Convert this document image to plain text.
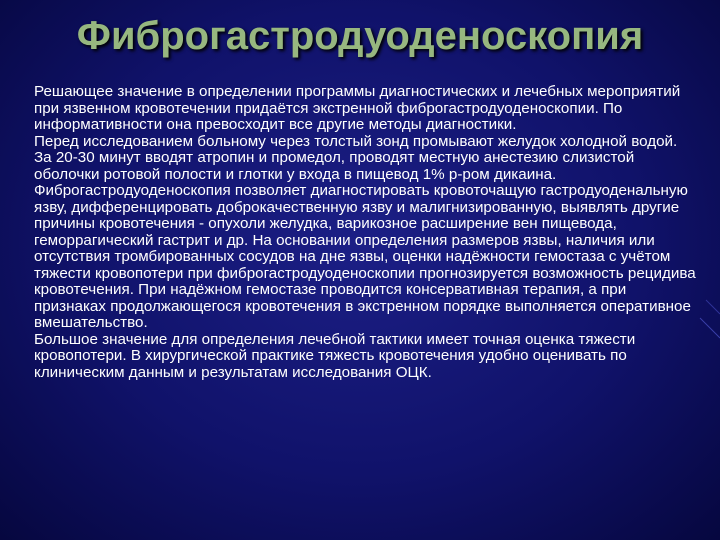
Фиброгастродуоденоскопия

Решающее значение в определении программы диагностических и лечебных мероприятий при язвенном кровотечении придаётся экстренной фиброгастродуоденоскопии. По информативности она превосходит все другие методы диагностики.

Перед исследованием больному через толстый зонд промывают желудок холодной водой. За 20-30 минут вводят атропин и промедол, проводят местную анестезию слизистой оболочки ротовой полости и глотки у входа в пищевод 1% р-ром дикаина.

Фиброгастродуоденоскопия позволяет диагностировать кровоточащую гастродуоденальную язву, дифференцировать доброкачественную язву и малигнизированную, выявлять другие причины кровотечения - опухоли желудка, варикозное расширение вен пищевода, геморрагический гастрит и др. На основании определения размеров язвы, наличия или отсутствия тромбированных сосудов на дне язвы, оценки надёжности гемостаза с учётом тяжести кровопотери при фиброгастродуоденоскопии прогнозируется возможность рецидива кровотечения. При надёжном гемостазе проводится консервативная терапия, а при признаках продолжающегося кровотечения в экстренном порядке выполняется оперативное вмешательство.

Большое значение для определения лечебной тактики имеет точная оценка тяжести кровопотери. В хирургической практике тяжесть кровотечения удобно оценивать по клиническим данным и результатам исследования ОЦК.
